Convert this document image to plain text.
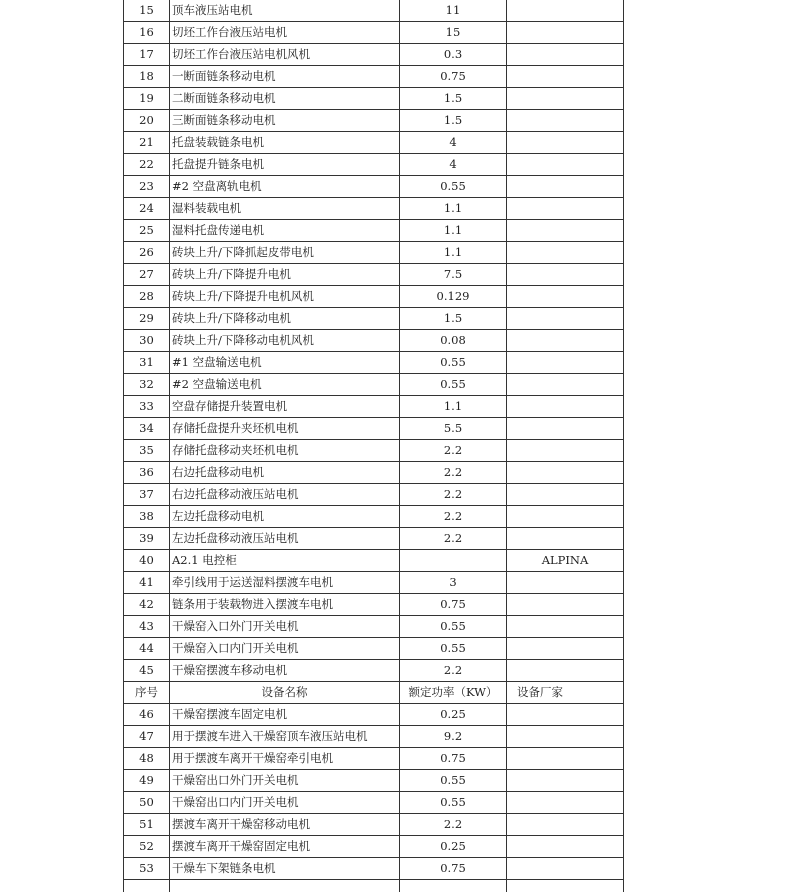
15	顶车液压站电机	11	
16	切坯工作台液压站电机	15	
17	切坯工作台液压站电机风机	0.3	
18	一断面链条移动电机	0.75	
19	二断面链条移动电机	1.5	
20	三断面链条移动电机	1.5	
21	托盘装载链条电机	4	
22	托盘提升链条电机	4	
23	#2 空盘离轨电机	0.55	
24	湿料装载电机	1.1	
25	湿料托盘传递电机	1.1	
26	砖块上升/下降抓起皮带电机	1.1	
27	砖块上升/下降提升电机	7.5	
28	砖块上升/下降提升电机风机	0.129	
29	砖块上升/下降移动电机	1.5	
30	砖块上升/下降移动电机风机	0.08	
31	#1 空盘输送电机	0.55	
32	#2 空盘输送电机	0.55	
33	空盘存储提升装置电机	1.1	
34	存储托盘提升夹坯机电机	5.5	
35	存储托盘移动夹坯机电机	2.2	
36	右边托盘移动电机	2.2	
37	右边托盘移动液压站电机	2.2	
38	左边托盘移动电机	2.2	
39	左边托盘移动液压站电机	2.2	
40	A2.1 电控柜		ALPINA
41	牵引线用于运送湿料摆渡车电机	3	
42	链条用于装载物进入摆渡车电机	0.75	
43	干燥窑入口外门开关电机	0.55	
44	干燥窑入口内门开关电机	0.55	
45	干燥窑摆渡车移动电机	2.2	
序号	设备名称	额定功率（KW）	设备厂家
46	干燥窑摆渡车固定电机	0.25	
47	用于摆渡车进入干燥窑顶车液压站电机	9.2	
48	用于摆渡车离开干燥窑牵引电机	0.75	
49	干燥窑出口外门开关电机	0.55	
50	干燥窑出口内门开关电机	0.55	
51	摆渡车离开干燥窑移动电机	2.2	
52	摆渡车离开干燥窑固定电机	0.25	
53	干燥车下架链条电机	0.75	
